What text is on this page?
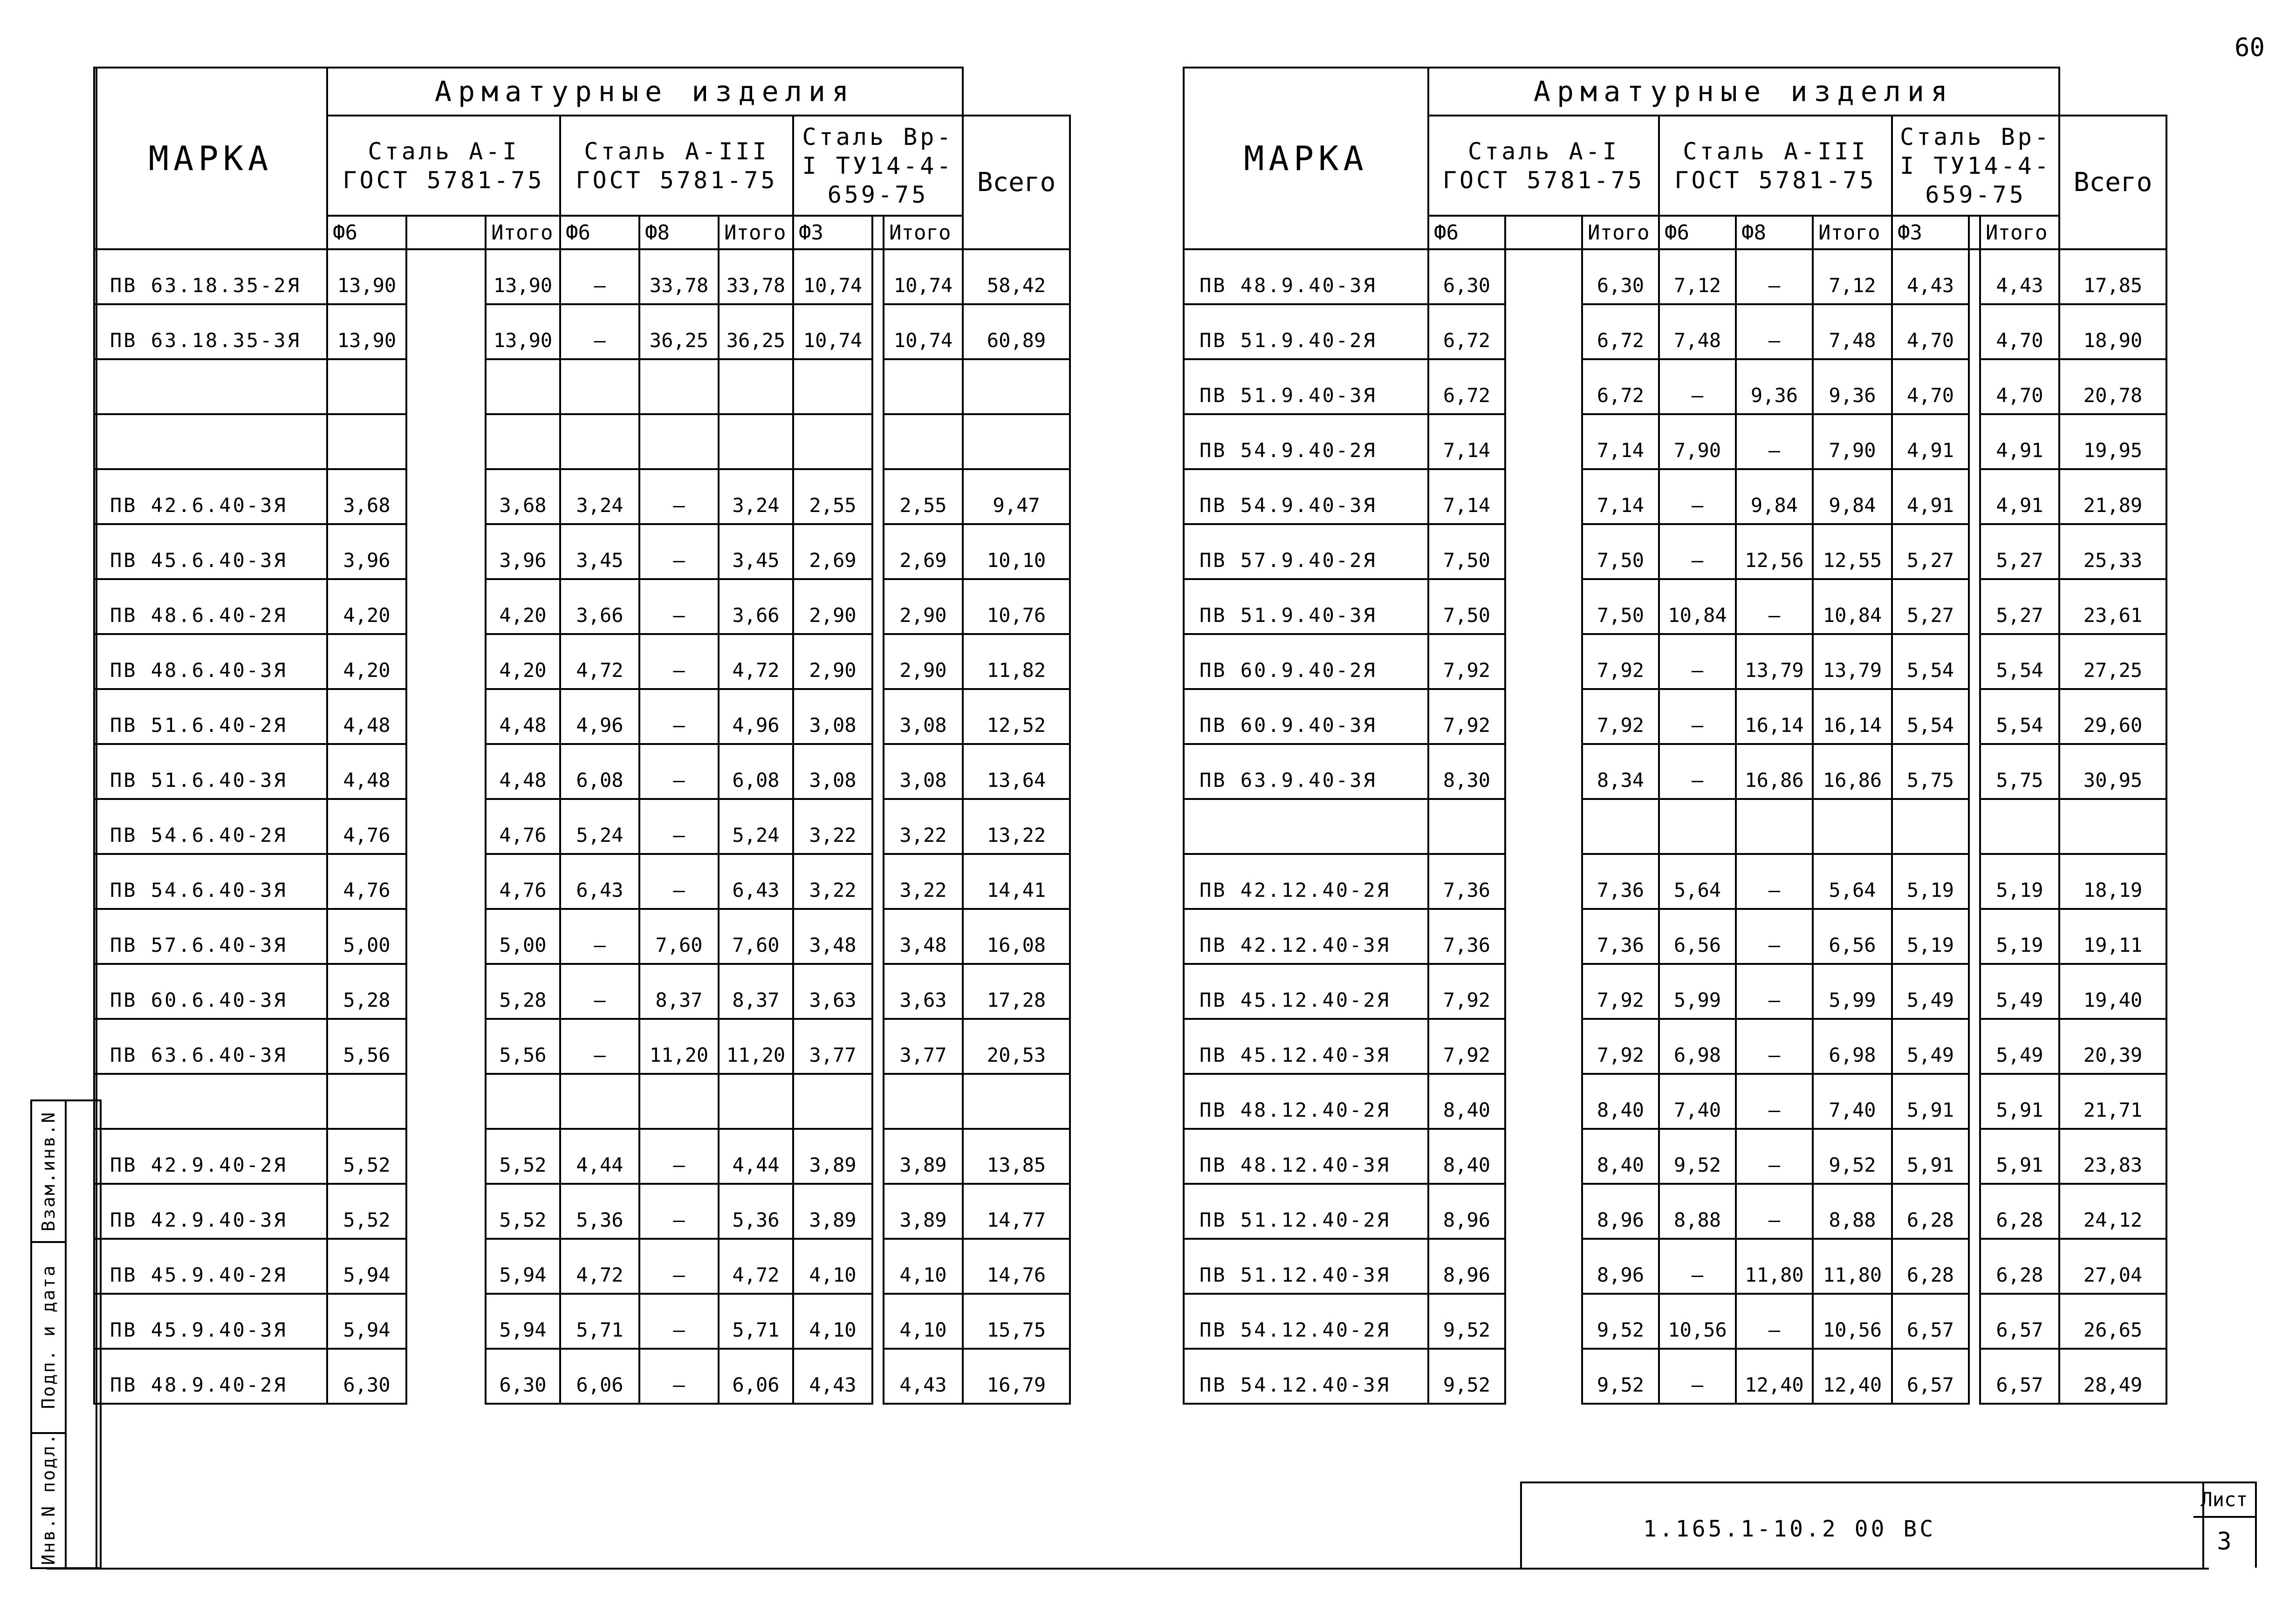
60
МАРКА	Арматурные изделия									
	Сталь А-I ГОСТ 5781-75			Сталь А-III ГОСТ 5781-75			Сталь Вр-I ТУ14-4-659-75			Всего
	Ф6		Итого	Ф6	Ф8	Итого	Ф3		Итого	
ПВ 63.18.35-2Я	13,90		13,90	—	33,78	33,78	10,74		10,74	58,42
ПВ 63.18.35-3Я	13,90		13,90	—	36,25	36,25	10,74		10,74	60,89

ПВ 42.6.40-3Я	3,68		3,68	3,24	—	3,24	2,55		2,55	9,47
ПВ 45.6.40-3Я	3,96		3,96	3,45	—	3,45	2,69		2,69	10,10
ПВ 48.6.40-2Я	4,20		4,20	3,66	—	3,66	2,90		2,90	10,76
ПВ 48.6.40-3Я	4,20		4,20	4,72	—	4,72	2,90		2,90	11,82
ПВ 51.6.40-2Я	4,48		4,48	4,96	—	4,96	3,08		3,08	12,52
ПВ 51.6.40-3Я	4,48		4,48	6,08	—	6,08	3,08		3,08	13,64
ПВ 54.6.40-2Я	4,76		4,76	5,24	—	5,24	3,22		3,22	13,22
ПВ 54.6.40-3Я	4,76		4,76	6,43	—	6,43	3,22		3,22	14,41
ПВ 57.6.40-3Я	5,00		5,00	—	7,60	7,60	3,48		3,48	16,08
ПВ 60.6.40-3Я	5,28		5,28	—	8,37	8,37	3,63		3,63	17,28
ПВ 63.6.40-3Я	5,56		5,56	—	11,20	11,20	3,77		3,77	20,53

ПВ 42.9.40-2Я	5,52		5,52	4,44	—	4,44	3,89		3,89	13,85
ПВ 42.9.40-3Я	5,52		5,52	5,36	—	5,36	3,89		3,89	14,77
ПВ 45.9.40-2Я	5,94		5,94	4,72	—	4,72	4,10		4,10	14,76
ПВ 45.9.40-3Я	5,94		5,94	5,71	—	5,71	4,10		4,10	15,75
ПВ 48.9.40-2Я	6,30		6,30	6,06	—	6,06	4,43		4,43	16,79
МАРКА	Арматурные изделия									
	Сталь А-I ГОСТ 5781-75			Сталь А-III ГОСТ 5781-75			Сталь Вр-I ТУ14-4-659-75			Всего
	Ф6		Итого	Ф6	Ф8	Итого	Ф3		Итого	
ПВ 48.9.40-3Я	6,30		6,30	7,12	—	7,12	4,43		4,43	17,85
ПВ 51.9.40-2Я	6,72		6,72	7,48	—	7,48	4,70		4,70	18,90
ПВ 51.9.40-3Я	6,72		6,72	—	9,36	9,36	4,70		4,70	20,78
ПВ 54.9.40-2Я	7,14		7,14	7,90	—	7,90	4,91		4,91	19,95
ПВ 54.9.40-3Я	7,14		7,14	—	9,84	9,84	4,91		4,91	21,89
ПВ 57.9.40-2Я	7,50		7,50	—	12,56	12,55	5,27		5,27	25,33
ПВ 51.9.40-3Я	7,50		7,50	10,84	—	10,84	5,27		5,27	23,61
ПВ 60.9.40-2Я	7,92		7,92	—	13,79	13,79	5,54		5,54	27,25
ПВ 60.9.40-3Я	7,92		7,92	—	16,14	16,14	5,54		5,54	29,60
ПВ 63.9.40-3Я	8,30		8,34	—	16,86	16,86	5,75		5,75	30,95

ПВ 42.12.40-2Я	7,36		7,36	5,64	—	5,64	5,19		5,19	18,19
ПВ 42.12.40-3Я	7,36		7,36	6,56	—	6,56	5,19		5,19	19,11
ПВ 45.12.40-2Я	7,92		7,92	5,99	—	5,99	5,49		5,49	19,40
ПВ 45.12.40-3Я	7,92		7,92	6,98	—	6,98	5,49		5,49	20,39
ПВ 48.12.40-2Я	8,40		8,40	7,40	—	7,40	5,91		5,91	21,71
ПВ 48.12.40-3Я	8,40		8,40	9,52	—	9,52	5,91		5,91	23,83
ПВ 51.12.40-2Я	8,96		8,96	8,88	—	8,88	6,28		6,28	24,12
ПВ 51.12.40-3Я	8,96		8,96	—	11,80	11,80	6,28		6,28	27,04
ПВ 54.12.40-2Я	9,52		9,52	10,56	—	10,56	6,57		6,57	26,65
ПВ 54.12.40-3Я	9,52		9,52	—	12,40	12,40	6,57		6,57	28,49
Взам.инв.N
Подп. и дата
Инв.N подл.	1.165.1-10.2 00 ВС
Лист
3
